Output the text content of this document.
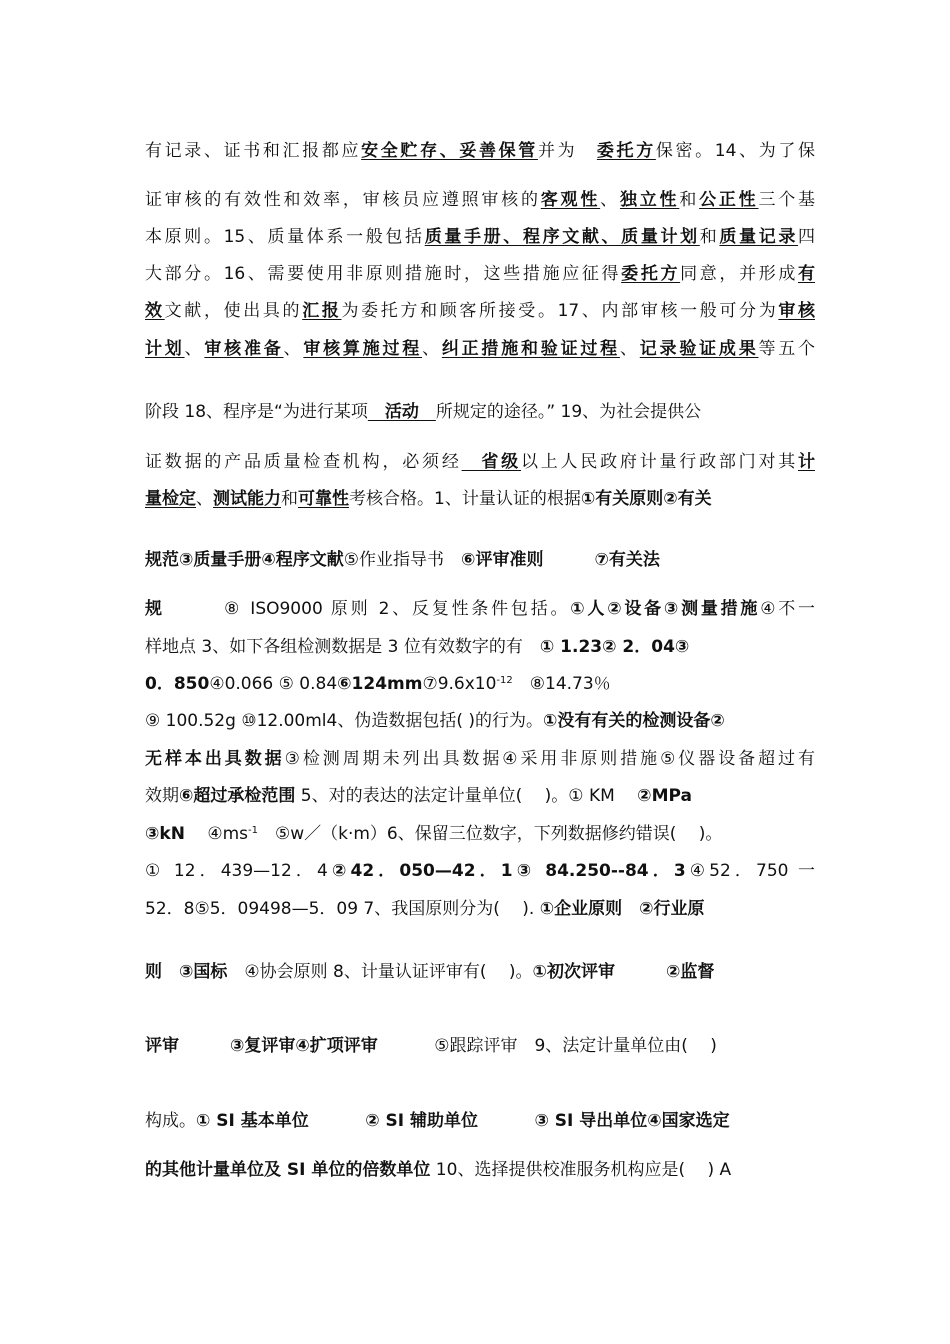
有记录、证书和汇报都应安全贮存、妥善保管并为　委托方保密。14、为了保
证审核的有效性和效率，审核员应遵照审核的客观性、独立性和公正性三个基
本原则。15、质量体系一般包括质量手册、程序文献、质量计划和质量记录四
大部分。16、需要使用非原则措施时，这些措施应征得委托方同意，并形成有
效文献，使出具的汇报为委托方和顾客所接受。17、内部审核一般可分为审核
计划、审核准备、审核算施过程、纠正措施和验证过程、记录验证成果等五个
阶段 18、程序是“为进行某项　活动　所规定的途径。” 19、为社会提供公
证数据的产品质量检查机构，必须经　省级以上人民政府计量行政部门对其计
量检定、测试能力和可靠性考核合格。1、计量认证的根据①有关原则②有关
规范③质量手册④程序文献⑤作业指导书　⑥评审准则　　　	⑦有关法
规　　　⑧ ISO9000 原则 2、反复性条件包括。①人②设备③测量措施④不一
样地点 3、如下各组检测数据是 3 位有效数字的有　① 1.23② 2．04③
0．850④0.066 ⑤ $0.84⑥124mm⑦9.6x10^{-12}$　⑧14.73％
⑨ 100.52g ⑩12.00ml4、伪造数据包括( )的行为。①没有有关的检测设备②
无样本出具数据③检测周期未列出具数据④采用非原则措施⑤仪器设备超过有
效期⑥超过承检范围 5、对的表达的法定计量单位(　 )。① KM　 ②MPa
③kN　 $④ms^{-1}$　⑤w／（k·m）6、保留三位数字，下列数据修约错误(　 )。
① 12．439—12．4②42．050—42．1③ 84.250--84．3④52．750 一
52．8⑤5．09498—5．09 7、我国原则分为(　 ). ①企业原则　②行业原
则　③国标　④协会原则 8、计量认证评审有(　 )。①初次评审　　　	②监督
评审　　　	③复评审④扩项评审　　　 ⑤跟踪评审　9、法定计量单位由(　 )
构成。① SI 基本单位　　　	② SI 辅助单位　　　	③ SI 导出单位④国家选定
的其他计量单位及 SI 单位的倍数单位 10、选择提供校准服务机构应是(　 ) A
